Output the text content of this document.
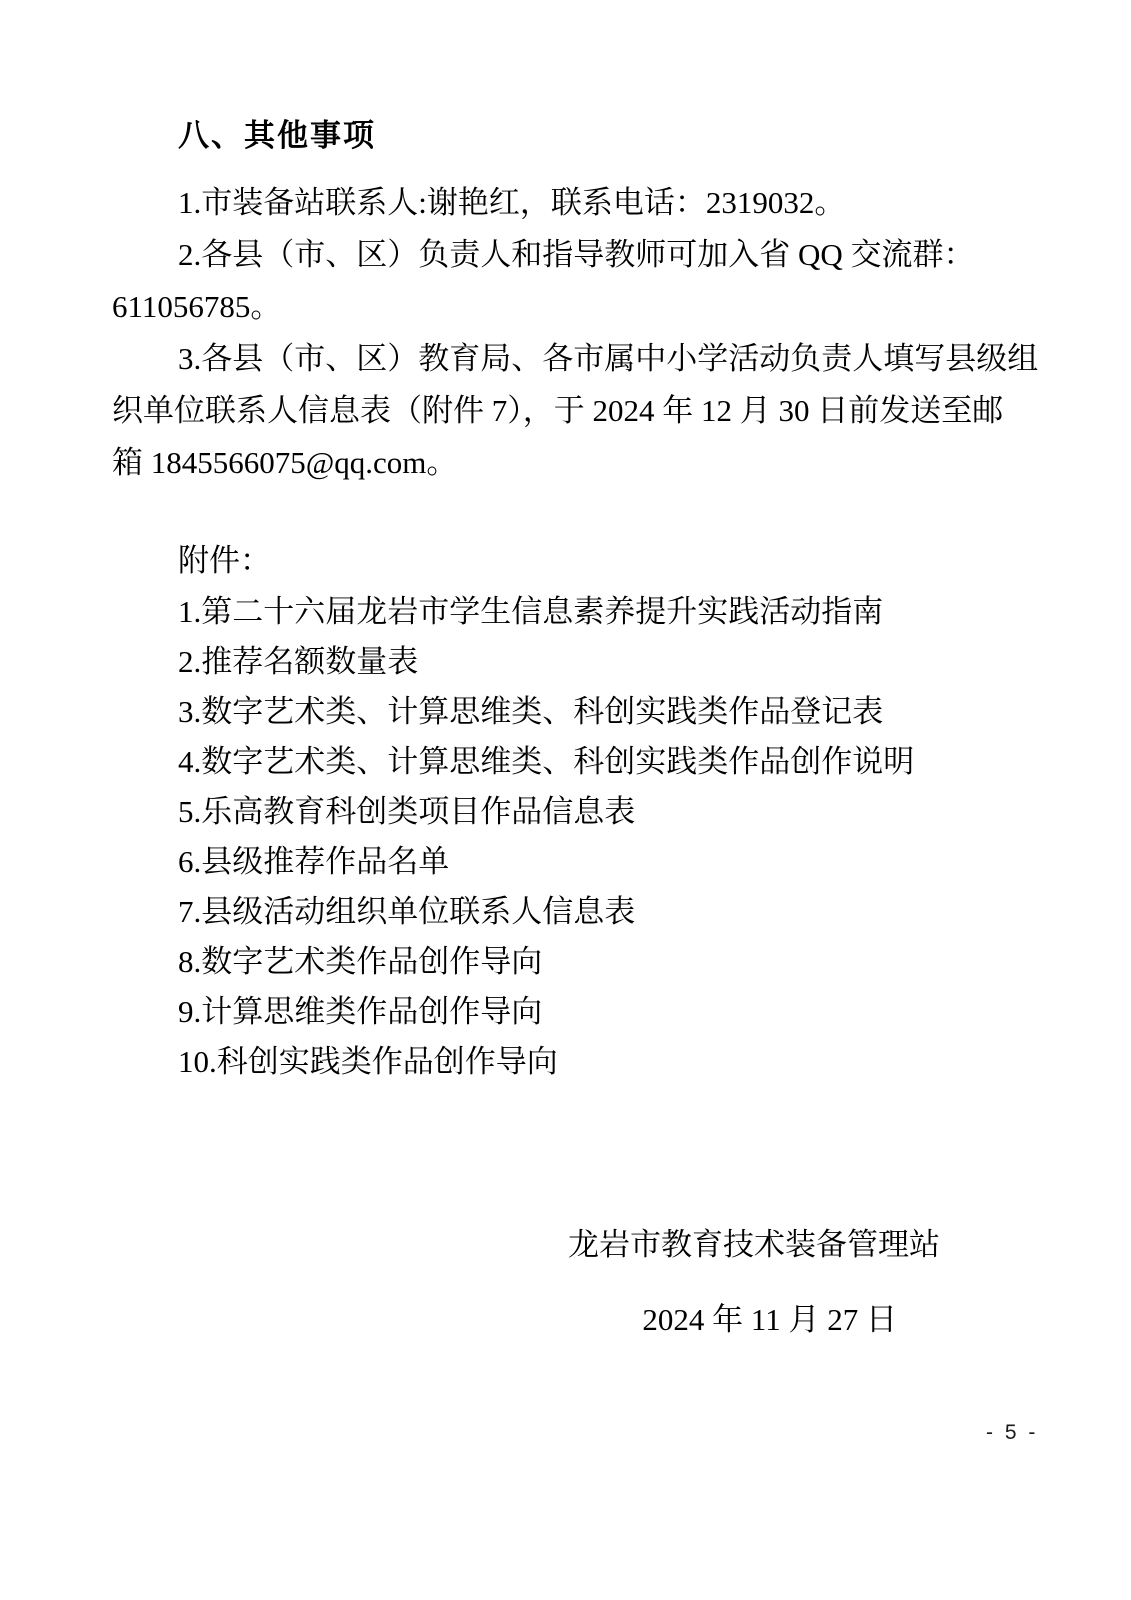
八、其他事项

1.市装备站联系人:谢艳红，联系电话：2319032。

2.各县（市、区）负责人和指导教师可加入省 QQ 交流群：

611056785。

3.各县（市、区）教育局、各市属中小学活动负责人填写县级组

织单位联系人信息表（附件 7），于 2024 年 12 月 30 日前发送至邮

箱 1845566075@qq.com。

附件：

1.第二十六届龙岩市学生信息素养提升实践活动指南
2.推荐名额数量表
3.数字艺术类、计算思维类、科创实践类作品登记表
4.数字艺术类、计算思维类、科创实践类作品创作说明
5.乐高教育科创类项目作品信息表
6.县级推荐作品名单
7.县级活动组织单位联系人信息表
8.数字艺术类作品创作导向
9.计算思维类作品创作导向
10.科创实践类作品创作导向

龙岩市教育技术装备管理站

2024 年 11 月 27 日

- 5 -
